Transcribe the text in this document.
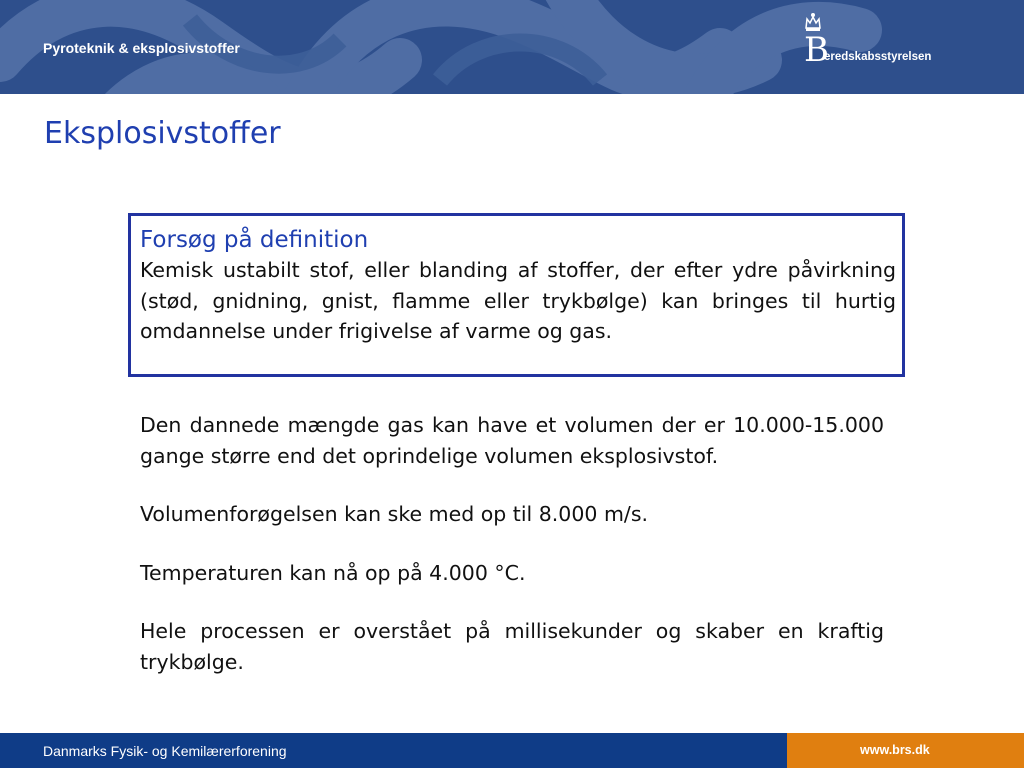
Pyroteknik & eksplosivstoffer	B
eredskabsstyrelsen
Eksplosivstoffer
Forsøg på definition

Kemisk ustabilt stof, eller blanding af stoffer, der efter ydre påvirkning (stød, gnidning, gnist, flamme eller trykbølge) kan bringes til hurtig omdannelse under frigivelse af varme og gas.

Den dannede mængde gas kan have et volumen der er 10.000-15.000 gange større end det oprindelige volumen eksplosivstof.

Volumenforøgelsen kan ske med op til 8.000 m/s.

Temperaturen kan nå op på 4.000 °C.

Hele processen er overstået på millisekunder og skaber en kraftig trykbølge.

Danmarks Fysik- og Kemilærerforening	www.brs.dk
